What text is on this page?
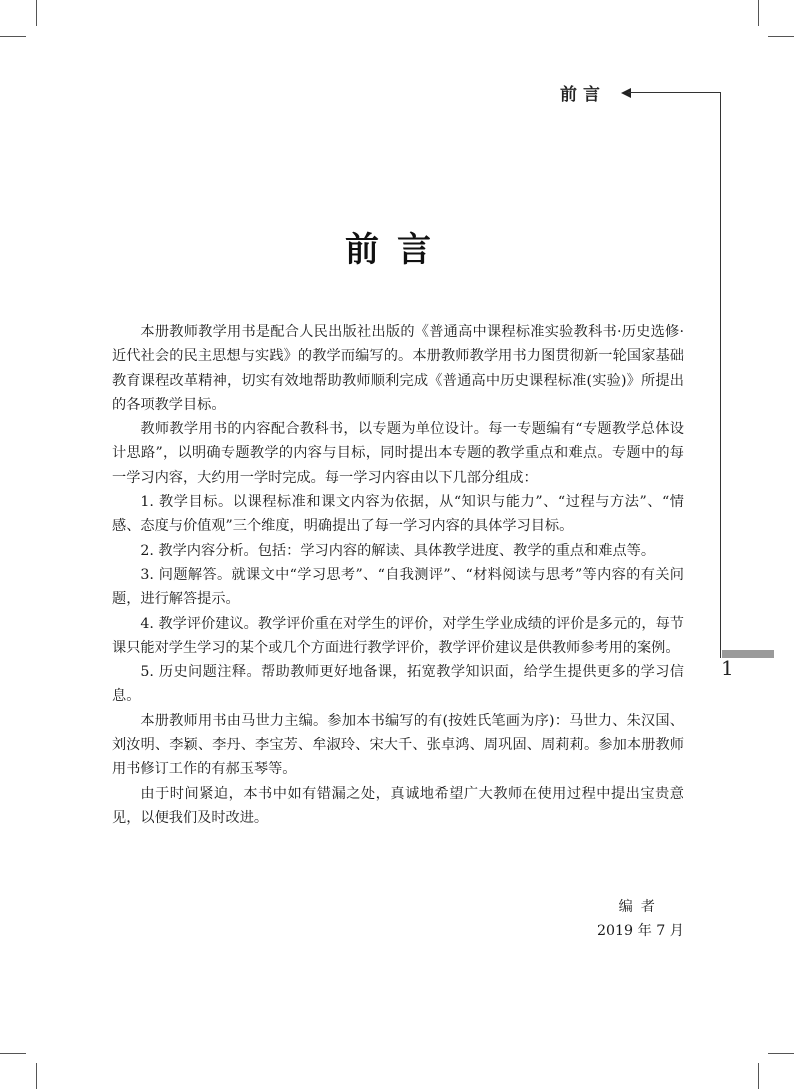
前言
1
前言

本册教师教学用书是配合人民出版社出版的《普通高中课程标准实验教科书·历史选修·近代社会的民主思想与实践》的教学而编写的。本册教师教学用书力图贯彻新一轮国家基础教育课程改革精神，切实有效地帮助教师顺利完成《普通高中历史课程标准(实验)》所提出的各项教学目标。

教师教学用书的内容配合教科书，以专题为单位设计。每一专题编有“专题教学总体设计思路”，以明确专题教学的内容与目标，同时提出本专题的教学重点和难点。专题中的每一学习内容，大约用一学时完成。每一学习内容由以下几部分组成：

1. 教学目标。以课程标准和课文内容为依据，从“知识与能力”、“过程与方法”、“情感、态度与价值观”三个维度，明确提出了每一学习内容的具体学习目标。

2. 教学内容分析。包括：学习内容的解读、具体教学进度、教学的重点和难点等。

3. 问题解答。就课文中“学习思考”、“自我测评”、“材料阅读与思考”等内容的有关问题，进行解答提示。

4. 教学评价建议。教学评价重在对学生的评价，对学生学业成绩的评价是多元的，每节课只能对学生学习的某个或几个方面进行教学评价，教学评价建议是供教师参考用的案例。

5. 历史问题注释。帮助教师更好地备课，拓宽教学知识面，给学生提供更多的学习信息。

本册教师用书由马世力主编。参加本书编写的有(按姓氏笔画为序)：马世力、朱汉国、刘汝明、李颖、李丹、李宝芳、牟淑玲、宋大千、张卓鸿、周巩固、周莉莉。参加本册教师用书修订工作的有郝玉琴等。

由于时间紧迫，本书中如有错漏之处，真诚地希望广大教师在使用过程中提出宝贵意见，以便我们及时改进。

编者
2019 年 7 月
